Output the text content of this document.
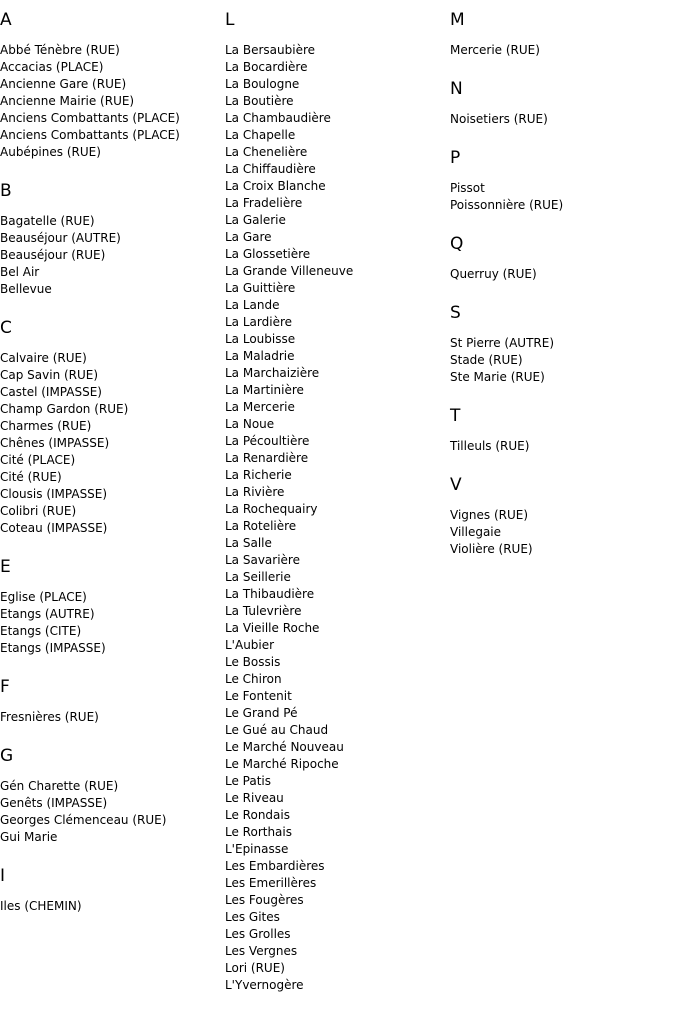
A
Abbé Ténèbre (RUE)
Accacias (PLACE)
Ancienne Gare (RUE)
Ancienne Mairie (RUE)
Anciens Combattants (PLACE)
Anciens Combattants (PLACE)
Aubépines (RUE)
B
Bagatelle (RUE)
Beauséjour (AUTRE)
Beauséjour (RUE)
Bel Air
Bellevue
C
Calvaire (RUE)
Cap Savin (RUE)
Castel (IMPASSE)
Champ Gardon (RUE)
Charmes (RUE)
Chênes (IMPASSE)
Cité (PLACE)
Cité (RUE)
Clousis (IMPASSE)
Colibri (RUE)
Coteau (IMPASSE)
E
Eglise (PLACE)
Etangs (AUTRE)
Etangs (CITE)
Etangs (IMPASSE)
F
Fresnières (RUE)
G
Gén Charette (RUE)
Genêts (IMPASSE)
Georges Clémenceau (RUE)
Gui Marie
I
Iles (CHEMIN)
L
La Bersaubière
La Bocardière
La Boulogne
La Boutière
La Chambaudière
La Chapelle
La Chenelière
La Chiffaudière
La Croix Blanche
La Fradelière
La Galerie
La Gare
La Glossetière
La Grande Villeneuve
La Guittière
La Lande
La Lardière
La Loubisse
La Maladrie
La Marchaizière
La Martinière
La Mercerie
La Noue
La Pécoultière
La Renardière
La Richerie
La Rivière
La Rochequairy
La Rotelière
La Salle
La Savarière
La Seillerie
La Thibaudière
La Tulevrière
La Vieille Roche
L'Aubier
Le Bossis
Le Chiron
Le Fontenit
Le Grand Pé
Le Gué au Chaud
Le Marché Nouveau
Le Marché Ripoche
Le Patis
Le Riveau
Le Rondais
Le Rorthais
L'Epinasse
Les Embardières
Les Emerillères
Les Fougères
Les Gites
Les Grolles
Les Vergnes
Lori (RUE)
L'Yvernogère
M
Mercerie (RUE)
N
Noisetiers (RUE)
P
Pissot
Poissonnière (RUE)
Q
Querruy (RUE)
S
St Pierre (AUTRE)
Stade (RUE)
Ste Marie (RUE)
T
Tilleuls (RUE)
V
Vignes (RUE)
Villegaie
Violière (RUE)
